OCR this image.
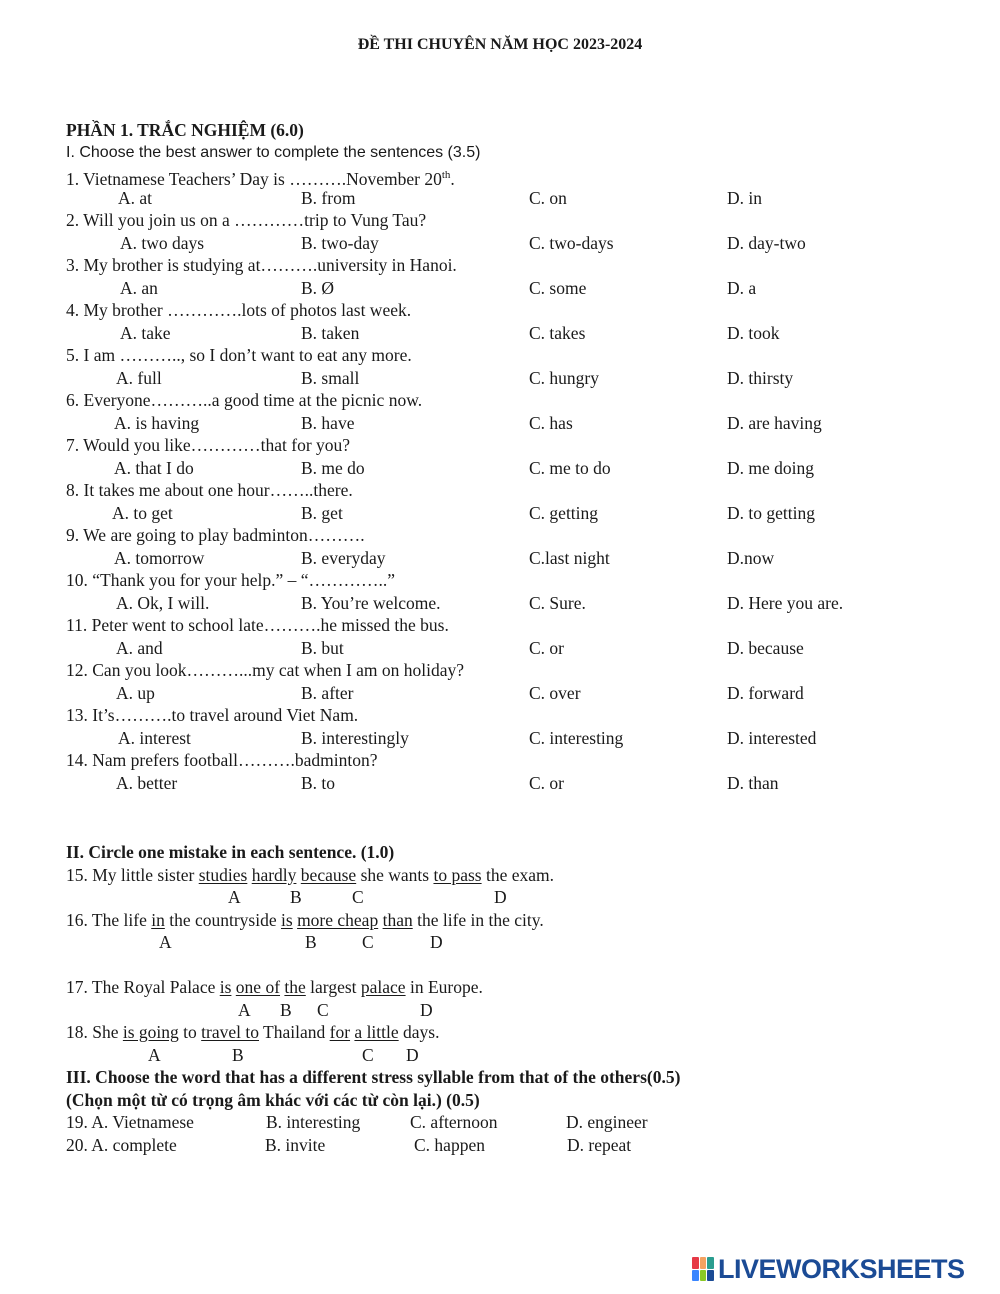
ĐỀ THI CHUYÊN NĂM HỌC 2023-2024
PHẦN 1. TRẮC NGHIỆM (6.0)
I. Choose the best answer to complete the sentences (3.5)
1. Vietnamese Teachers’ Day is ……….November 20th.
A. at	B. from	C. on	D. in
2. Will you join us on a …………trip to Vung Tau?
A. two days	B. two-day	C. two-days	D. day-two
3. My brother is studying at……….university in Hanoi.
A. an	B. Ø	C. some	D. a
4. My brother ………….lots of photos last week.
A. take	B. taken	C. takes	D. took
5. I am ……….., so I don’t want to eat any more.
A. full	B. small	C. hungry	D. thirsty
6. Everyone………..a good time at the picnic now.
A. is having	B. have	C. has	D. are having
7. Would you like…………that for you?
A. that I do	B. me do	C. me to do	D. me doing
8. It takes me about one hour……..there.
A. to get	B. get	C. getting	D. to getting
9. We are going to play badminton……….
A. tomorrow	B. everyday	C.last night	D.now
10. “Thank you for your help.” – “…………..”
A. Ok, I will.	B. You’re welcome.	C. Sure.	D. Here you are.
11. Peter went to school late……….he missed the bus.
A. and	B. but	C. or	D. because
12. Can you look………...my cat when I am on holiday?
A. up	B. after	C. over	D. forward
13. It’s……….to travel around Viet Nam.
A. interest	B. interestingly	C. interesting	D. interested
14. Nam prefers football……….badminton?
A. better	B. to	C. or	D. than
II. Circle one mistake in each sentence. (1.0)
15. My little sister studies hardly because she wants to pass the exam.
A	B	C	D
16. The life in the countryside is more cheap than the life in the city.
A	B	C	D
17. The Royal Palace is one of the largest palace in Europe.
A B C	D
18. She is going to travel to Thailand for a little days.
A	B	C D
III. Choose the word that has a different stress syllable from that of the others(0.5)
(Chọn một từ có trọng âm khác với các từ còn lại.) (0.5)
19. A. Vietnamese	B. interesting	C. afternoon	D. engineer
20. A. complete	B. invite	C. happen	D. repeat
LIVEWORKSHEETS
